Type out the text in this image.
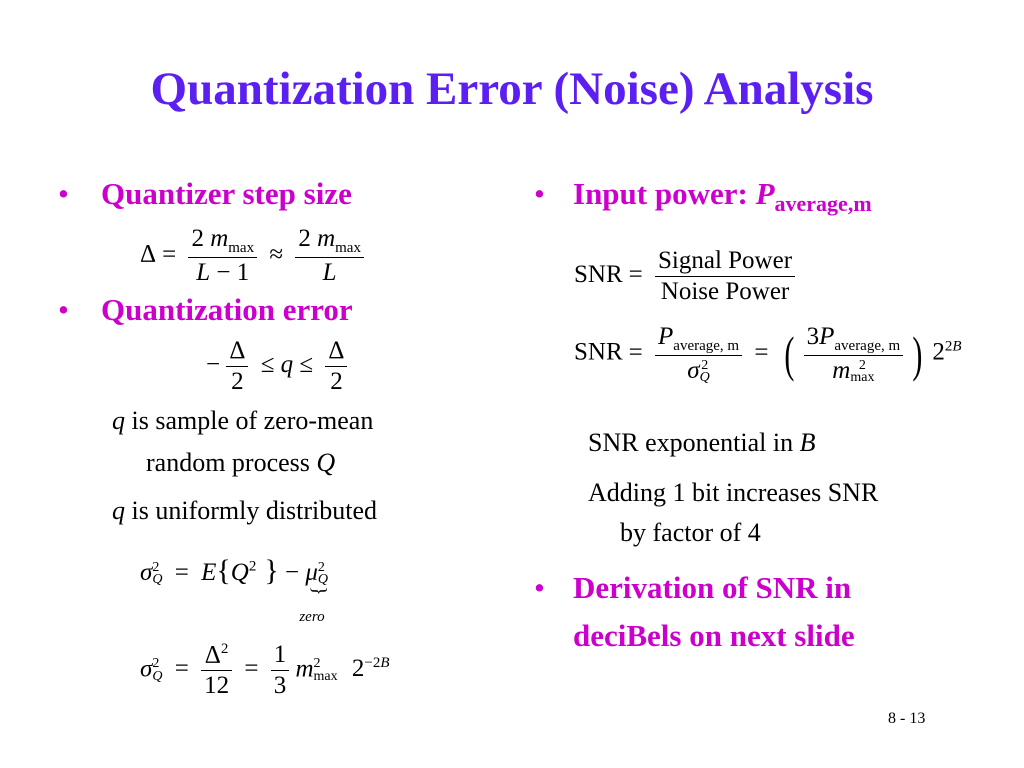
Quantization Error (Noise) Analysis
• Quantizer step size
$\Delta = \frac{2 m_{max}}{L - 1} \approx \frac{2 m_{max}}{L}$
• Quantization error
− $\frac{\Delta}{2} \le q \le \frac{\Delta}{2}$
q is sample of zero-mean
random process Q
q is uniformly distributed
σ 2
$Q = E\{Q^2$ } − μ 2
Q
}
zero
σ 2
$Q = \frac{\Delta^2}{12} = \frac{1}{3}$ m 2
$\max 2^{-2B}$
• Input power: $P_{average,m}$
SNR = $\frac{\text{Signal Power}}{\text{Noise Power}}$
SNR = $P_{average, m}$
σ 2
Q = ( $3P_{average, m}$
m 2
max ) $2^{2B}$
SNR exponential in B
Adding 1 bit increases SNR
by factor of 4
• Derivation of SNR in
deciBels on next slide
8 - 13
